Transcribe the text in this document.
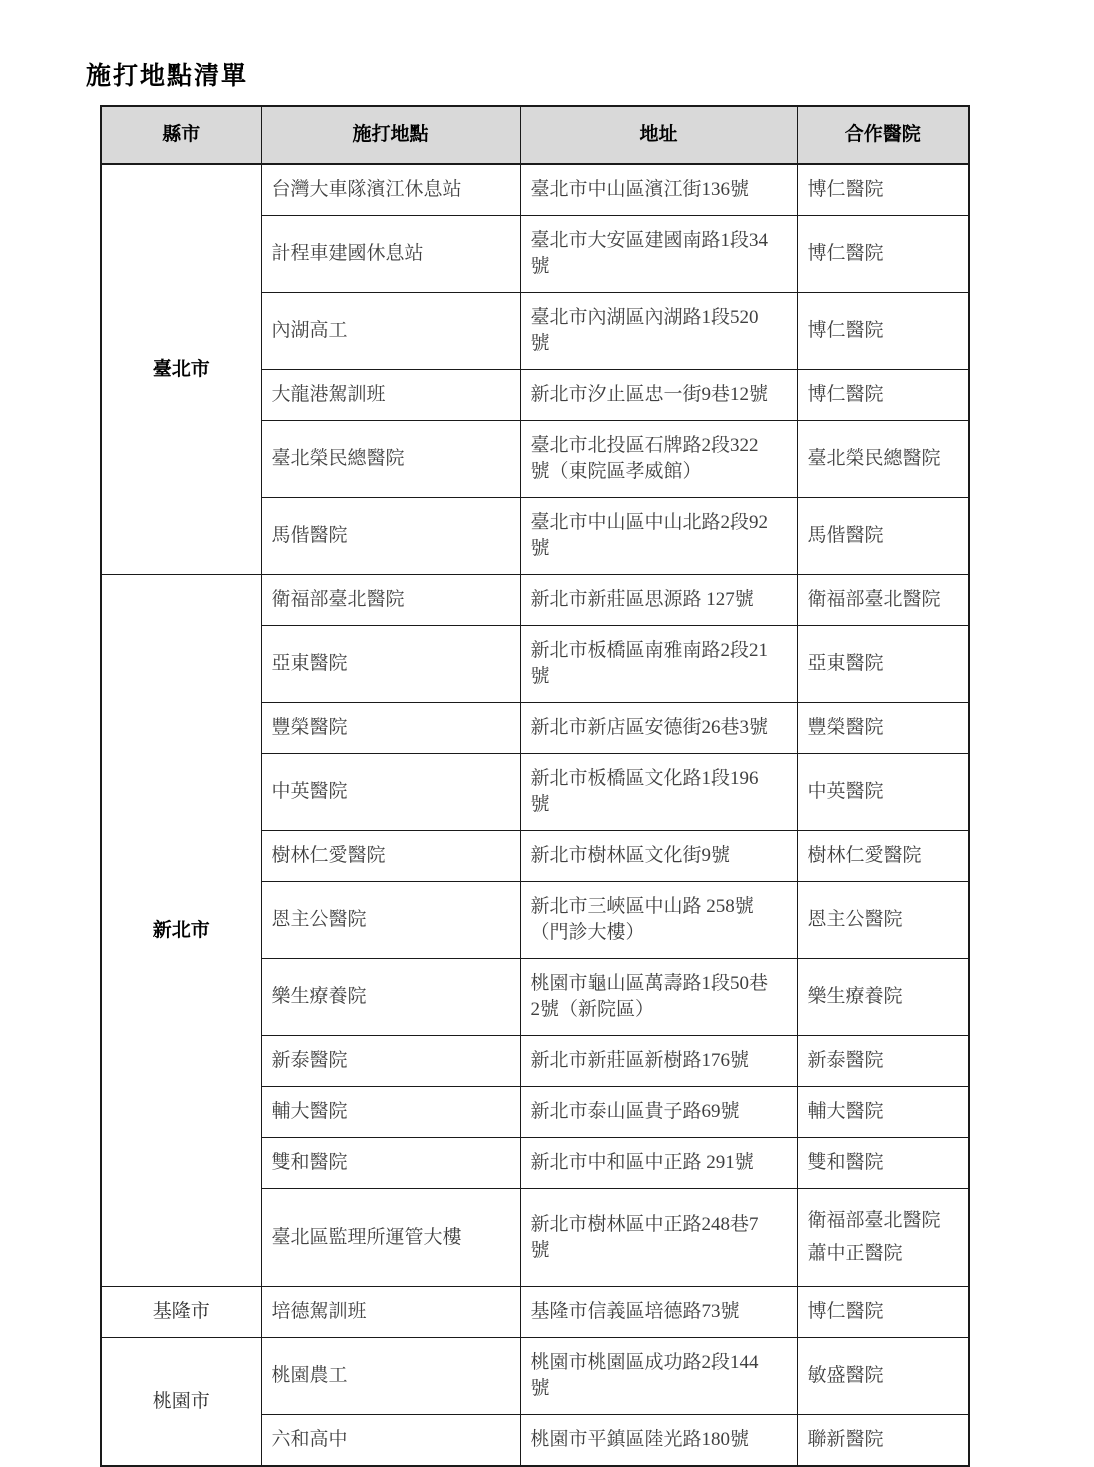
施打地點清單
縣市	施打地點	地址	合作醫院
臺北市	台灣大車隊濱江休息站	臺北市中山區濱江街136號	博仁醫院

	計程車建國休息站	臺北市大安區建國南路1段34號	博仁醫院

	內湖高工	臺北市內湖區內湖路1段520號	博仁醫院

	大龍港駕訓班	新北市汐止區忠一街9巷12號	博仁醫院

	臺北榮民總醫院	臺北市北投區石牌路2段322號（東院區孝威館）	臺北榮民總醫院

	馬偕醫院	臺北市中山區中山北路2段92號	馬偕醫院

新北市	衛福部臺北醫院	新北市新莊區思源路 127號	衛福部臺北醫院

	亞東醫院	新北市板橋區南雅南路2段21號	亞東醫院

	豐榮醫院	新北市新店區安德街26巷3號	豐榮醫院

	中英醫院	新北市板橋區文化路1段196號	中英醫院

	樹林仁愛醫院	新北市樹林區文化街9號	樹林仁愛醫院

	恩主公醫院	新北市三峽區中山路 258號（門診大樓）	恩主公醫院

	樂生療養院	桃園市龜山區萬壽路1段50巷2號（新院區）	樂生療養院

	新泰醫院	新北市新莊區新樹路176號	新泰醫院

	輔大醫院	新北市泰山區貴子路69號	輔大醫院

	雙和醫院	新北市中和區中正路 291號	雙和醫院

	臺北區監理所運管大樓	新北市樹林區中正路248巷7號	衛福部臺北醫院
蕭中正醫院

基隆市	培德駕訓班	基隆市信義區培德路73號	博仁醫院

桃園市	桃園農工	桃園市桃園區成功路2段144號	敏盛醫院

	六和高中	桃園市平鎮區陸光路180號	聯新醫院
